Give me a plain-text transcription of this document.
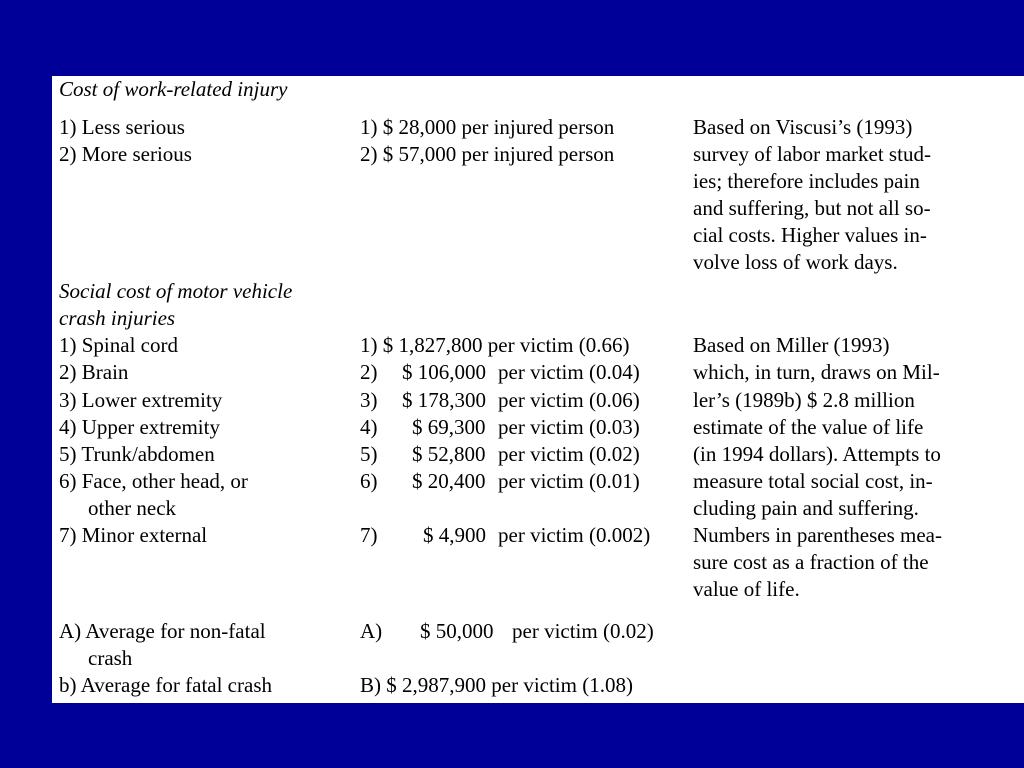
Cost of work-related injury

1) Less serious

2) More serious

1) $ 28,000 per injured person

2) $ 57,000 per injured person

Based on Viscusi’s (1993)

survey of labor market stud-

ies; therefore includes pain

and suffering, but not all so-

cial costs. Higher values in-

volve loss of work days.

Social cost of motor vehicle

crash injuries

1) Spinal cord

2) Brain

3) Lower extremity

4) Upper extremity

5) Trunk/abdomen

6) Face, other head, or

other neck

7) Minor external

1) $ 1,827,800 per victim (0.66)
2) $ 106,000 per victim (0.04)
3) $ 178,300 per victim (0.06)
4) $ 69,300 per victim (0.03)
5) $ 52,800 per victim (0.02)
6) $ 20,400 per victim (0.01)
7) $ 4,900 per victim (0.002)

Based on Miller (1993)

which, in turn, draws on Mil-

ler’s (1989b) $ 2.8 million

estimate of the value of life

(in 1994 dollars). Attempts to

measure total social cost, in-

cluding pain and suffering.

Numbers in parentheses mea-

sure cost as a fraction of the

value of life.

A) Average for non-fatal

crash

b) Average for fatal crash

A) $ 50,000 per victim (0.02)
B) $ 2,987,900 per victim (1.08)
